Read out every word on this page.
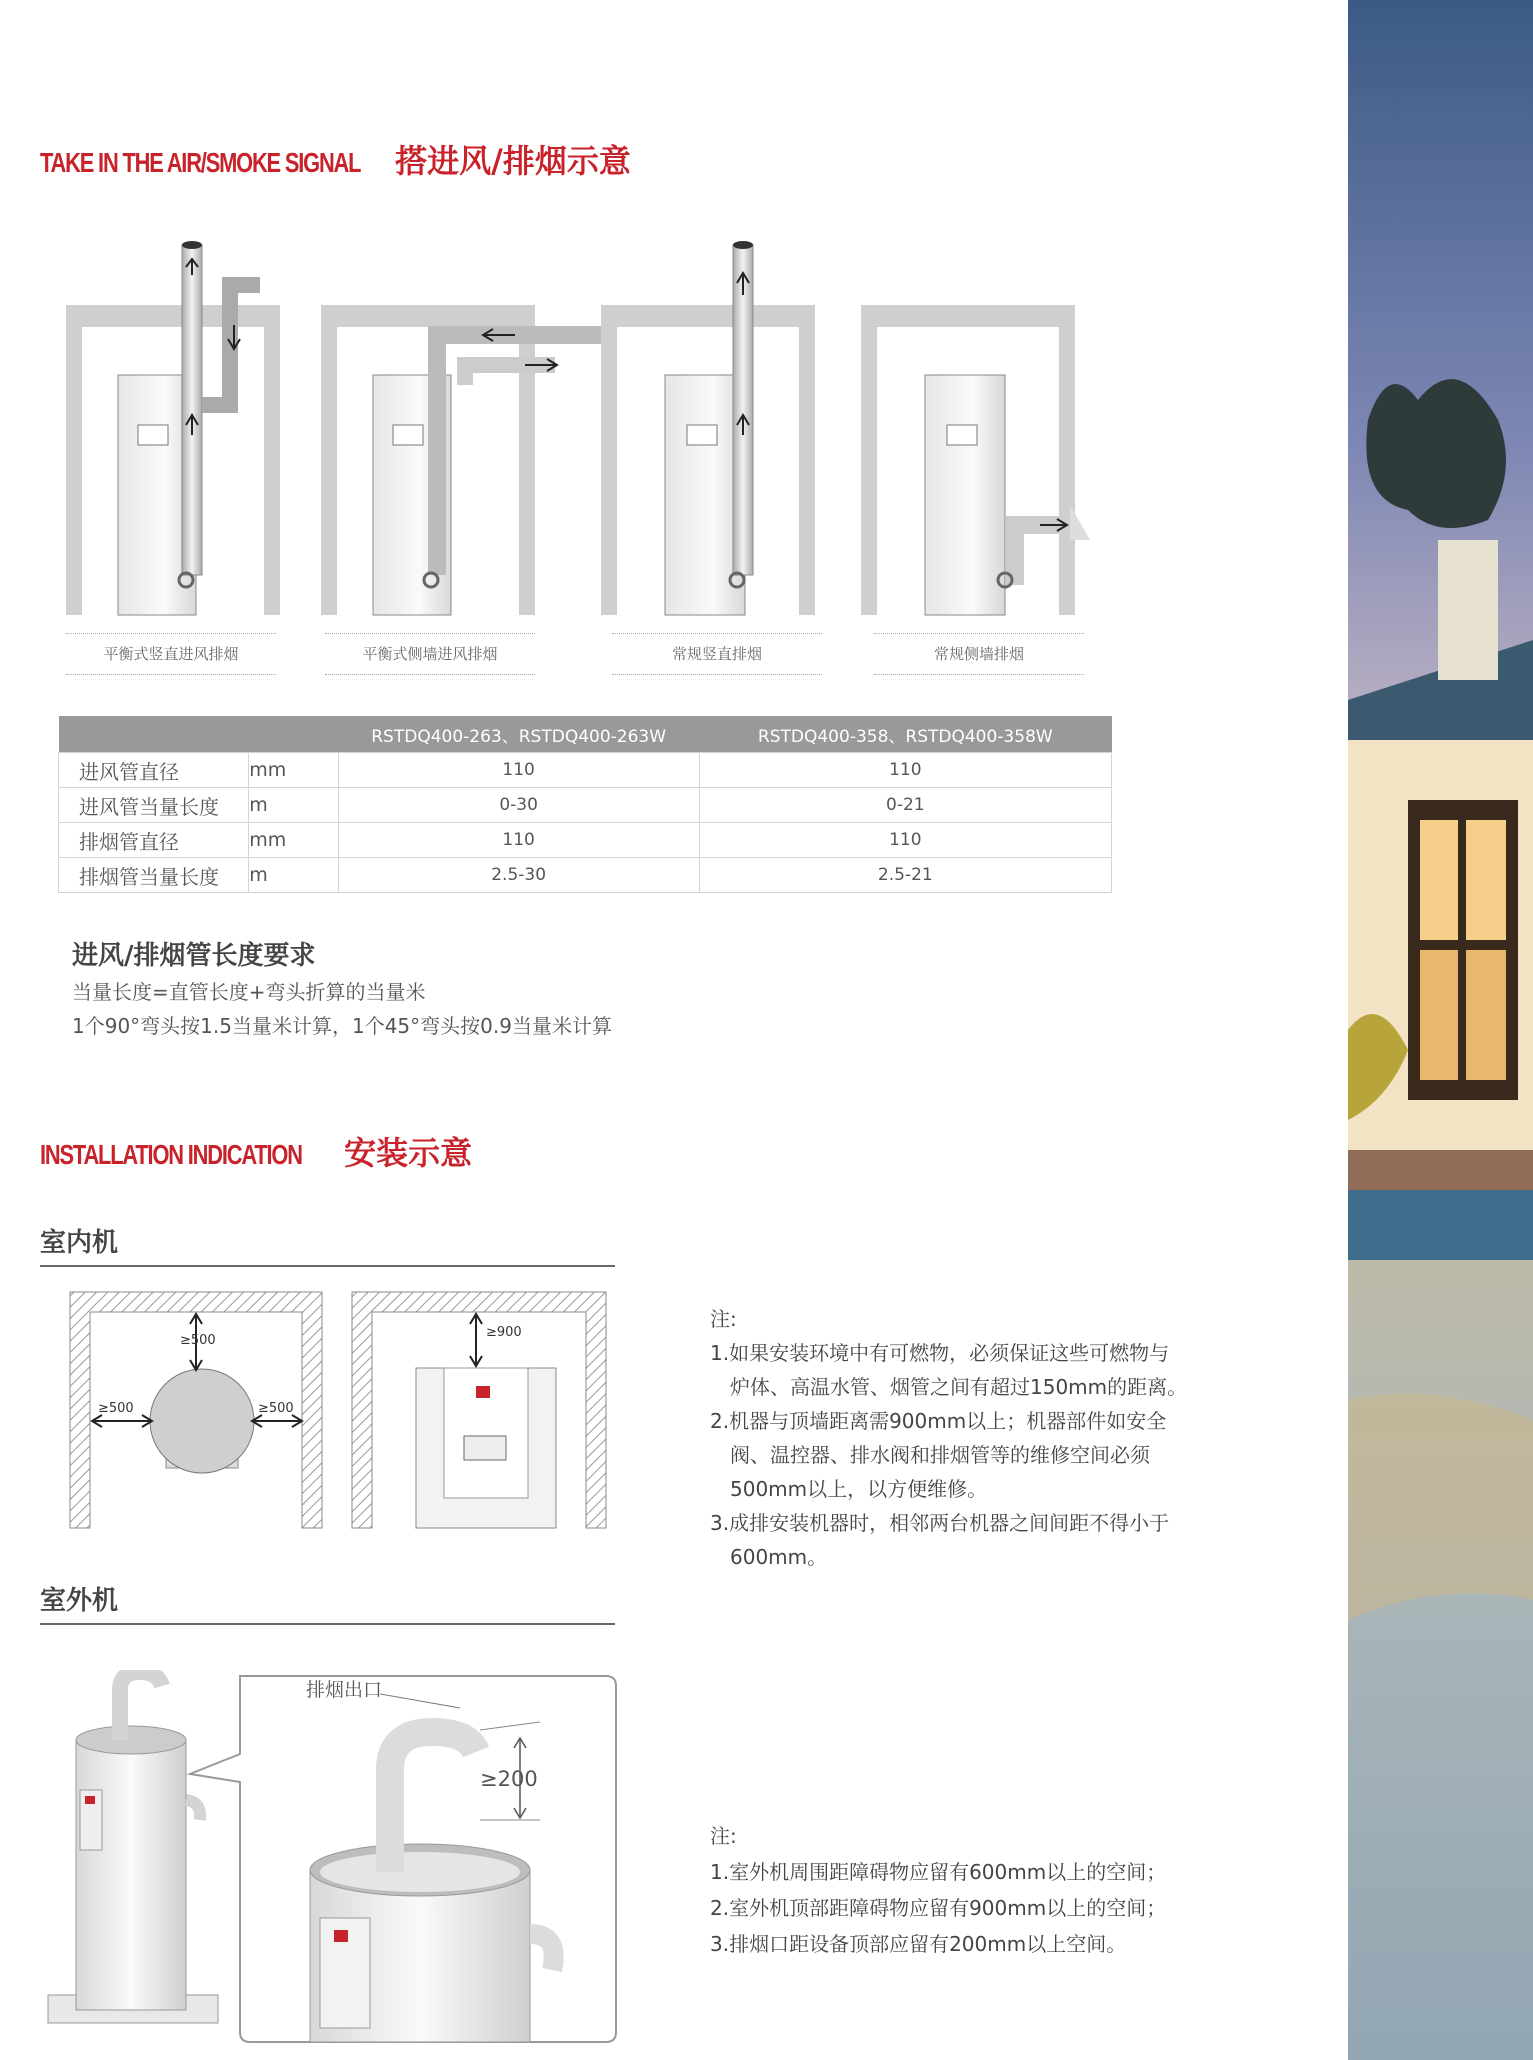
TAKE IN THE AIR/SMOKE SIGNAL 搭进风/排烟示意
平衡式竖直进风排烟	平衡式侧墙进风排烟	常规竖直排烟	常规侧墙排烟
		RSTDQ400-263、RSTDQ400-263W	RSTDQ400-358、RSTDQ400-358W
进风管直径	mm	110	110
进风管当量长度	m	0-30	0-21
排烟管直径	mm	110	110
排烟管当量长度	m	2.5-30	2.5-21
进风/排烟管长度要求
当量长度=直管长度+弯头折算的当量米
1个90°弯头按1.5当量米计算，1个45°弯头按0.9当量米计算
INSTALLATION INDICATION 安装示意
室内机
≥500
≥500	≥500
≥900
注:
1.如果安装环境中有可燃物，必须保证这些可燃物与
炉体、高温水管、烟管之间有超过150mm的距离。
2.机器与顶墙距离需900mm以上；机器部件如安全
阀、温控器、排水阀和排烟管等的维修空间必须
500mm以上，以方便维修。
3.成排安装机器时，相邻两台机器之间间距不得小于
600mm。
室外机
排烟出口
≥200
注:
1.室外机周围距障碍物应留有600mm以上的空间；
2.室外机顶部距障碍物应留有900mm以上的空间；
3.排烟口距设备顶部应留有200mm以上空间。
